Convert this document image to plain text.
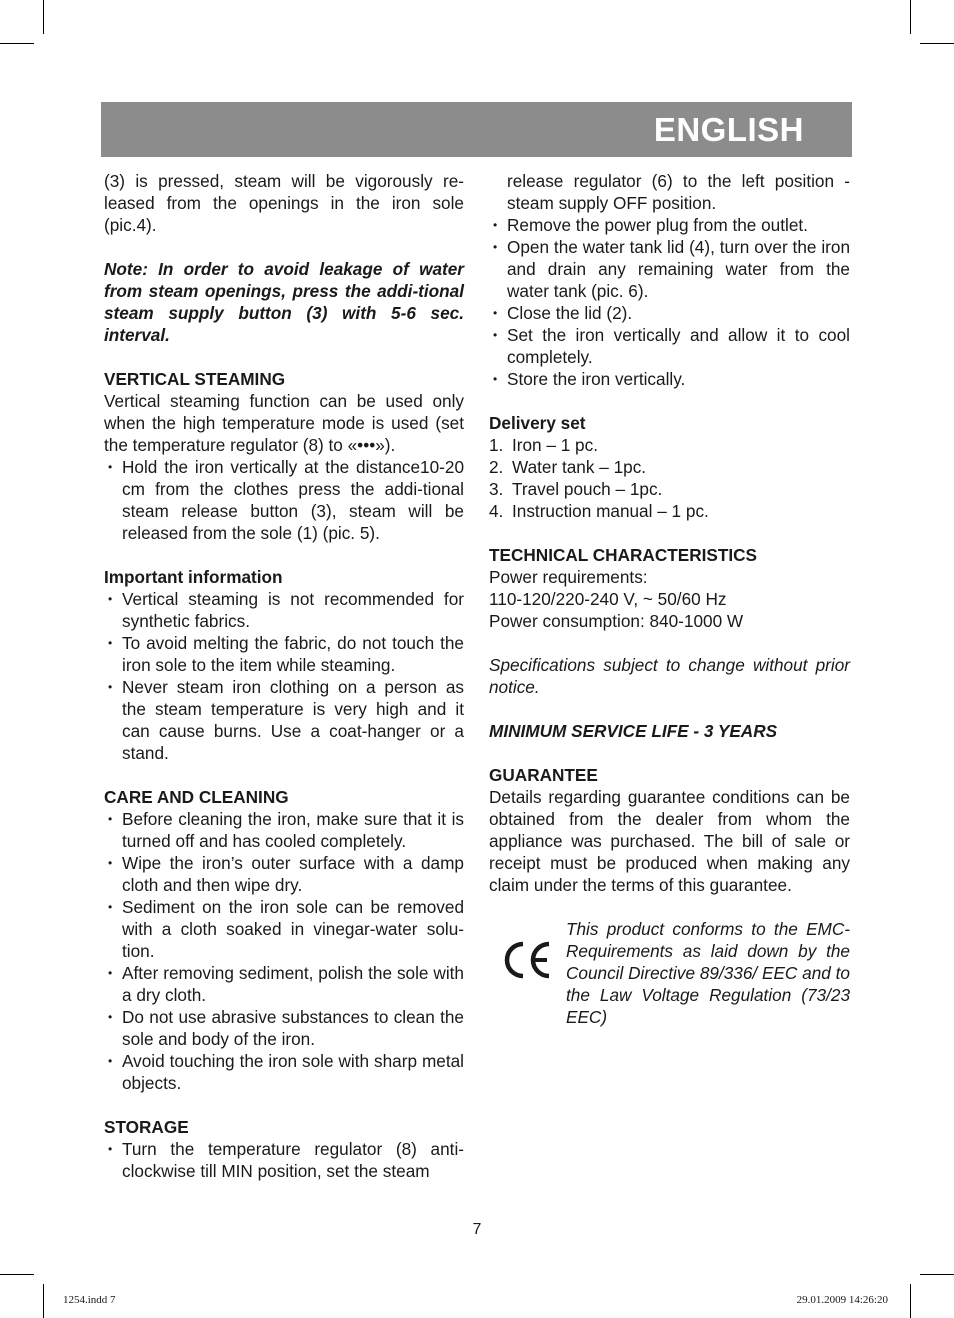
ENGLISH

(3) is pressed, steam will be vigorously re-leased from the openings in the iron sole (pic.4).

Note: In order to avoid leakage of water from steam openings, press the addi-tional steam supply button (3) with 5-6 sec. interval.

VERTICAL STEAMING

Vertical steaming function can be used only when the high temperature mode is used (set the temperature regulator (8) to «•••»).

• Hold the iron vertically at the distance10-20 cm from the clothes press the addi-tional steam release button (3), steam will be released from the sole (1) (pic. 5).

Important information

• Vertical steaming is not recommended for synthetic fabrics.
• To avoid melting the fabric, do not touch the iron sole to the item while steaming.
• Never steam iron clothing on a person as the steam temperature is very high and it can cause burns. Use a coat-hanger or a stand.

CARE AND CLEANING

• Before cleaning the iron, make sure that it is turned off and has cooled completely.
• Wipe the iron’s outer surface with a damp cloth and then wipe dry.
• Sediment on the iron sole can be removed with a cloth soaked in vinegar-water solu-tion.
• After removing sediment, polish the sole with a dry cloth.
• Do not use abrasive substances to clean the sole and body of the iron.
• Avoid touching the iron sole with sharp metal objects.

STORAGE

• Turn the temperature regulator (8) anti-clockwise till MIN position, set the steam
release regulator (6) to the left position - steam supply OFF position.
• Remove the power plug from the outlet.
• Open the water tank lid (4), turn over the iron and drain any remaining water from the water tank (pic. 6).
• Close the lid (2).
• Set the iron vertically and allow it to cool completely.
• Store the iron vertically.

Delivery set

1. Iron – 1 pc.
2. Water tank – 1pc.
3. Travel pouch – 1pc.
4. Instruction manual – 1 pc.

TECHNICAL CHARACTERISTICS

Power requirements:

110-120/220-240 V, ~ 50/60 Hz

Power consumption: 840-1000 W

Specifications subject to change without prior notice.

MINIMUM SERVICE LIFE - 3 YEARS

GUARANTEE

Details regarding guarantee conditions can be obtained from the dealer from whom the appliance was purchased. The bill of sale or receipt must be produced when making any claim under the terms of this guarantee.

This product conforms to the EMC-Requirements as laid down by the Council Directive 89/336/ EEC and to the Law Voltage Regulation (73/23 EEC)

7
1254.indd 7	29.01.2009 14:26:20
